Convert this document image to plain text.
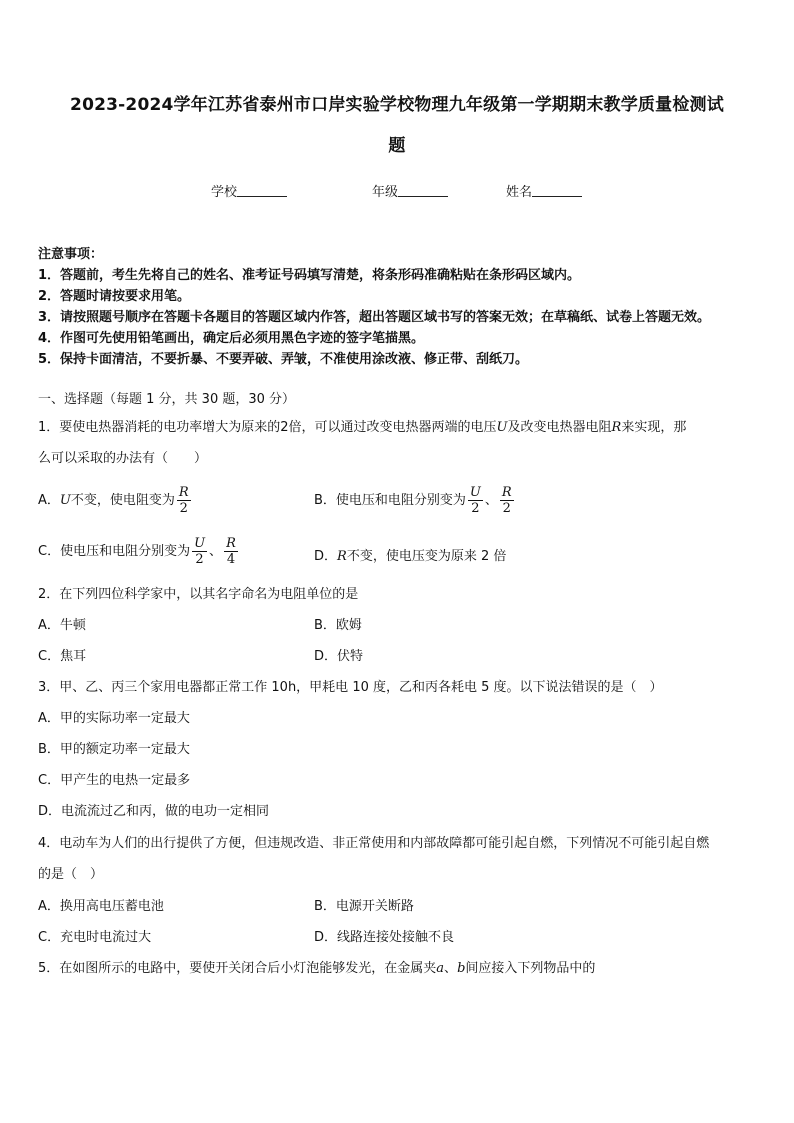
2023-2024学年江苏省泰州市口岸实验学校物理九年级第一学期期末教学质量检测试
题
学校	年级	姓名
注意事项：
1．答题前，考生先将自己的姓名、准考证号码填写清楚，将条形码准确粘贴在条形码区域内。
2．答题时请按要求用笔。
3．请按照题号顺序在答题卡各题目的答题区域内作答，超出答题区域书写的答案无效；在草稿纸、试卷上答题无效。
4．作图可先使用铅笔画出，确定后必须用黑色字迹的签字笔描黑。
5．保持卡面清洁，不要折暴、不要弄破、弄皱，不准使用涂改液、修正带、刮纸刀。
一、选择题（每题 1 分，共 30 题，30 分）
1．要使电热器消耗的电功率增大为原来的2倍，可以通过改变电热器两端的电压U及改变电热器电阻R来实现，那
么可以采取的办法有（　　）
A．U不变，使电阻变为 $\frac{R}{2}$	B．使电压和电阻分别变为 $\frac{U}{2}$ 、 $\frac{R}{2}$
C．使电压和电阻分别变为 $\frac{U}{2}$ 、 $\frac{R}{4}$	D．R不变，使电压变为原来 2 倍
2．在下列四位科学家中，以其名字命名为电阻单位的是
A．牛顿	B．欧姆
C．焦耳	D．伏特
3．甲、乙、丙三个家用电器都正常工作 10h，甲耗电 10 度，乙和丙各耗电 5 度。以下说法错误的是（　）
A．甲的实际功率一定最大
B．甲的额定功率一定最大
C．甲产生的电热一定最多
D．电流流过乙和丙，做的电功一定相同
4．电动车为人们的出行提供了方便，但违规改造、非正常使用和内部故障都可能引起自燃，下列情况不可能引起自燃
的是（　）
A．换用高电压蓄电池	B．电源开关断路
C．充电时电流过大	D．线路连接处接触不良
5．在如图所示的电路中，要使开关闭合后小灯泡能够发光，在金属夹a、b间应接入下列物品中的
